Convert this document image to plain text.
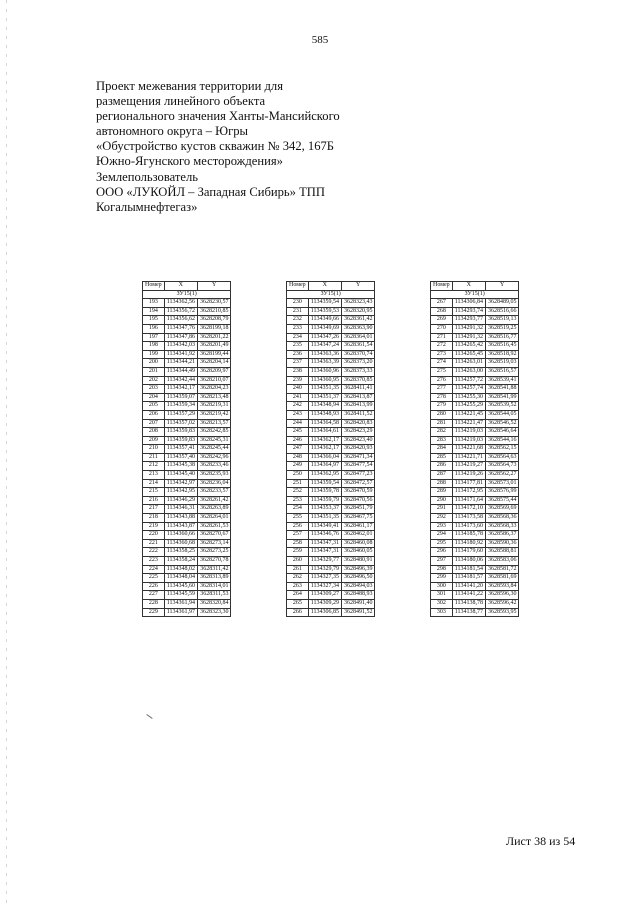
585
Проект межевания территории для
размещения линейного объекта
регионального значения Ханты-Мансийского
автономного округа – Югры
«Обустройство кустов скважин № 342, 167Б
Южно-Ягунского месторождения»
Землепользователь
ООО «ЛУКОЙЛ – Западная Сибирь» ТПП
Когалымнефтегаз»
Номер	X	Y
ЗУ15(1)		
193	1134362,56	3628230,57
194	1134356,72	3628210,85
195	1134356,62	3628208,79
196	1134347,76	3628199,18
197	1134347,86	3628201,22
198	1134342,03	3628201,49
199	1134341,92	3628199,44
200	1134344,21	3628204,14
201	1134344,49	3628209,97
202	1134342,44	3628210,07
203	1134342,17	3628204,23
204	1134359,07	3628213,48
205	1134359,34	3628219,31
206	1134357,29	3628219,42
207	1134357,02	3628213,57
208	1134359,83	3628242,85
209	1134359,83	3628245,31
210	1134357,41	3628245,44
211	1134357,40	3628242,96
212	1134345,38	3628233,46
213	1134345,40	3628235,93
214	1134342,97	3628236,04
215	1134342,95	3628233,57
216	1134346,29	3628261,42
217	1134346,31	3628263,89
218	1134343,88	3628264,01
219	1134343,87	3628261,53
220	1134360,66	3628270,67
221	1134360,68	3628273,14
222	1134358,25	3628273,25
223	1134358,24	3628270,78
224	1134348,02	3628311,42
225	1134348,04	3628313,89
226	1134345,60	3628314,01
227	1134345,59	3628311,53
228	1134361,94	3628320,84
229	1134361,97	3628323,30
Номер	X	Y
ЗУ15(1)		
230	1134359,54	3628323,43
231	1134359,53	3628320,95
232	1134349,66	3628361,42
233	1134349,69	3628363,90
234	1134347,26	3628364,01
235	1134347,24	3628361,54
236	1134363,36	3628370,74
237	1134363,39	3628373,20
238	1134360,96	3628373,33
239	1134360,95	3628370,85
240	1134351,35	3628411,41
241	1134351,37	3628413,87
242	1134348,94	3628413,99
243	1134348,93	3628411,52
244	1134364,58	3628420,83
245	1134364,61	3628423,29
246	1134362,17	3628423,40
247	1134362,17	3628420,93
248	1134366,04	3628471,34
249	1134364,97	3628477,54
250	1134362,95	3628477,23
251	1134359,54	3628472,57
252	1134359,78	3628470,59
253	1134359,79	3628470,56
254	1134353,37	3628451,79
255	1134351,35	3628467,75
256	1134349,41	3628461,17
257	1134346,76	3628462,01
258	1134347,31	3628460,08
259	1134347,31	3628460,05
260	1134329,77	3628480,91
261	1134329,79	3628496,39
262	1134327,35	3628496,50
263	1134327,34	3628494,03
264	1134309,27	3628488,93
265	1134309,29	3628491,40
266	1134306,85	3628491,52
Номер	X	Y
ЗУ15(1)		
267	1134306,84	3628489,05
268	1134293,74	3628516,66
269	1134293,77	3628519,13
270	1134291,32	3628519,25
271	1134291,32	3628516,77
272	1134265,42	3628516,45
273	1134265,45	3628518,92
274	1134263,01	3628519,03
275	1134263,00	3628516,57
276	1134257,72	3628539,41
277	1134257,74	3628541,88
278	1134255,30	3628541,99
279	1134255,29	3628539,52
280	1134221,45	3628544,05
281	1134221,47	3628546,52
282	1134219,03	3628546,64
283	1134219,03	3628544,16
284	1134221,68	3628562,15
285	1134221,71	3628564,63
286	1134219,27	3628564,73
287	1134219,26	3628562,27
288	1134177,81	3628573,01
289	1134172,95	3628576,99
290	1134171,64	3628575,44
291	1134172,10	3628569,69
292	1134173,58	3628568,36
293	1134173,60	3628568,33
294	1134185,78	3628586,37
295	1134180,92	3628590,36
296	1134179,60	3628588,81
297	1134180,06	3628583,06
298	1134181,54	3628581,72
299	1134181,57	3628581,69
300	1134141,20	3628593,84
301	1134141,22	3628596,30
302	1134138,78	3628596,42
303	1134138,77	3628593,95
Лист 38 из 54
